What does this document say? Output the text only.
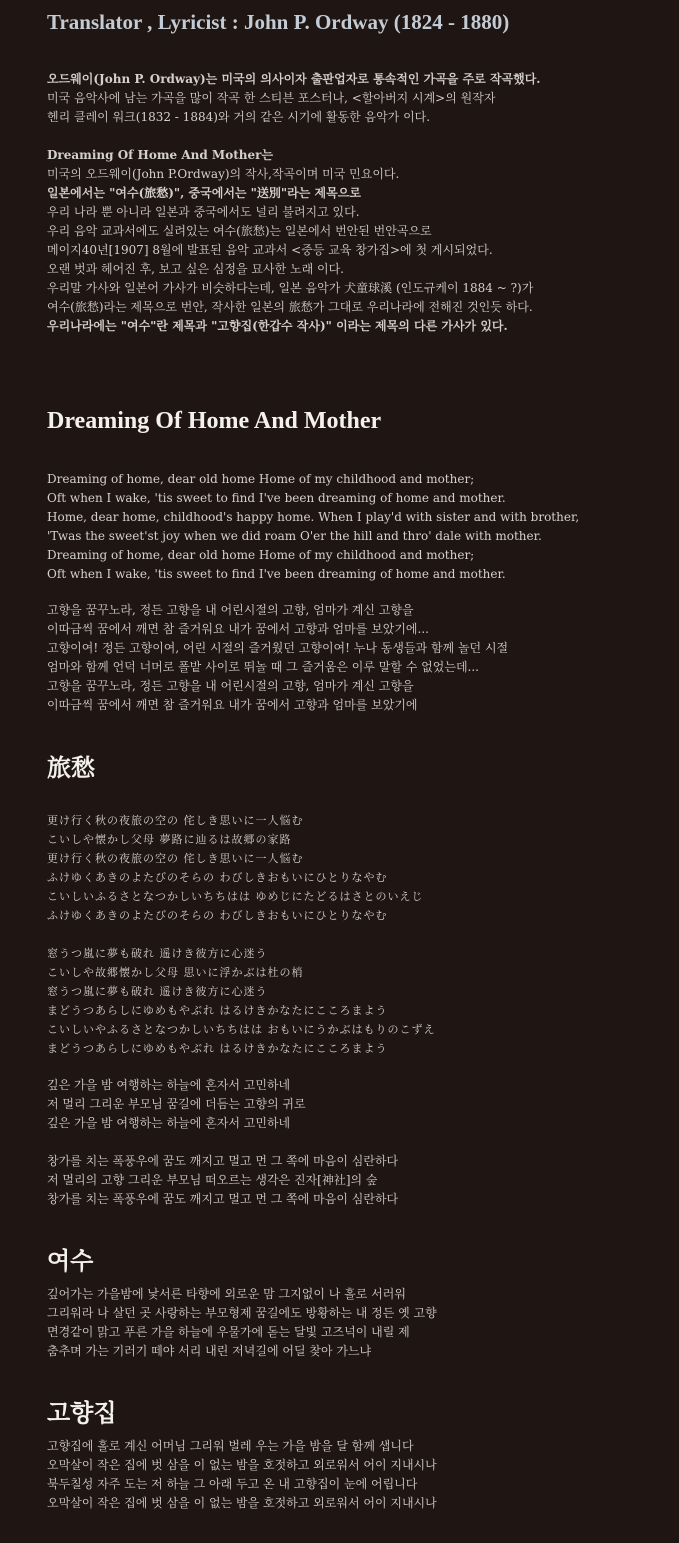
Translator , Lyricist : John P. Ordway (1824 - 1880)
오드웨이(John P. Ordway)는 미국의 의사이자 출판업자로 통속적인 가곡을 주로 작곡했다.
미국 음악사에 남는 가곡을 많이 작곡 한 스티븐 포스터나, <할아버지 시계>의 원작자
헨리 클레이 워크(1832 - 1884)와 거의 같은 시기에 활동한 음악가 이다.
Dreaming Of Home And Mother는
미국의 오드웨이(John P.Ordway)의 작사,작곡이며 미국 민요이다.
일본에서는 "여수(旅愁)", 중국에서는 "送別"라는 제목으로
우리 나라 뿐 아니라 일본과 중국에서도 널리 불려지고 있다.
우리 음악 교과서에도 실려있는 여수(旅愁)는 일본에서 번안된 번안곡으로
메이지40년[1907] 8월에 발표된 음악 교과서 <중등 교육 창가집>에 첫 게시되었다.
오랜 벗과 헤어진 후, 보고 싶은 심정을 묘사한 노래 이다.
우리말 가사와 일본어 가사가 비슷하다는데, 일본 음악가 犬童球溪 (인도규케이 1884 ~ ?)가
여수(旅愁)라는 제목으로 번안, 작사한 일본의 旅愁가 그대로 우리나라에 전해진 것인듯 하다.
우리나라에는 "여수"란 제목과 "고향집(한갑수 작사)" 이라는 제목의 다른 가사가 있다.
Dreaming Of Home And Mother
Dreaming of home, dear old home Home of my childhood and mother;
Oft when I wake, 'tis sweet to find I've been dreaming of home and mother.
Home, dear home, childhood's happy home. When I play'd with sister and with brother,
'Twas the sweet'st joy when we did roam O'er the hill and thro' dale with mother.
Dreaming of home, dear old home Home of my childhood and mother;
Oft when I wake, 'tis sweet to find I've been dreaming of home and mother.
고향을 꿈꾸노라, 정든 고향을 내 어린시절의 고향, 엄마가 계신 고향을
이따금씩 꿈에서 깨면 참 즐거워요 내가 꿈에서 고향과 엄마를 보았기에...
고향이여! 정든 고향이여, 어린 시절의 즐거웠던 고향이여! 누나 동생들과 함께 놀던 시절
엄마와 함께 언덕 너머로 폴밭 사이로 뛰놀 때 그 즐거움은 이루 말할 수 없었는데...
고향을 꿈꾸노라, 정든 고향을 내 어린시절의 고향, 엄마가 계신 고향을
이따금씩 꿈에서 깨면 참 즐거워요 내가 꿈에서 고향과 엄마를 보았기에
旅愁
更け行く秋の夜旅の空の 侘しき思いに一人悩む
こいしや懐かし父母 夢路に辿るは故郷の家路
更け行く秋の夜旅の空の 侘しき思いに一人悩む
ふけゆくあきのよたびのそらの わびしきおもいにひとりなやむ
こいしいふるさとなつかしいちちはは ゆめじにたどるはさとのいえじ
ふけゆくあきのよたびのそらの わびしきおもいにひとりなやむ
窓うつ嵐に夢も破れ 遥けき彼方に心迷う
こいしや故郷懐かし父母 思いに浮かぶは杜の梢
窓うつ嵐に夢も破れ 遥けき彼方に心迷う
まどうつあらしにゆめもやぶれ はるけきかなたにこころまよう
こいしいやふるさとなつかしいちちはは おもいにうかぶはもりのこずえ
まどうつあらしにゆめもやぶれ はるけきかなたにこころまよう
깊은 가을 밤 여행하는 하늘에 혼자서 고민하네
저 멀리 그리운 부모님 꿈길에 더듬는 고향의 귀로
깊은 가을 밤 여행하는 하늘에 혼자서 고민하네
창가를 치는 폭풍우에 꿈도 깨지고 멀고 먼 그 쪽에 마음이 심란하다
저 멀리의 고향 그리운 부모님 떠오르는 생각은 진자[神社]의 숲
창가를 치는 폭풍우에 꿈도 깨지고 멀고 먼 그 쪽에 마음이 심란하다
여수
깊어가는 가을밤에 낯서른 타향에 외로운 맘 그지없이 나 홀로 서러워
그리워라 나 살던 곳 사랑하는 부모형제 꿈길에도 방황하는 내 정든 옛 고향
면경같이 맑고 푸른 가을 하늘에 우물가에 돋는 달빛 고즈넉이 내릴 제
춤추며 가는 기러기 떼야 서리 내린 저녁길에 어딜 찾아 가느냐
고향집
고향집에 홀로 계신 어머님 그리워 벌레 우는 가을 밤을 달 함께 샙니다
오막살이 작은 집에 벗 삼을 이 없는 밤을 호젓하고 외로워서 어이 지내시나
북두칠성 자주 도는 저 하늘 그 아래 두고 온 내 고향집이 눈에 어립니다
오막살이 작은 집에 벗 삼을 이 없는 밤을 호젓하고 외로워서 어이 지내시나
